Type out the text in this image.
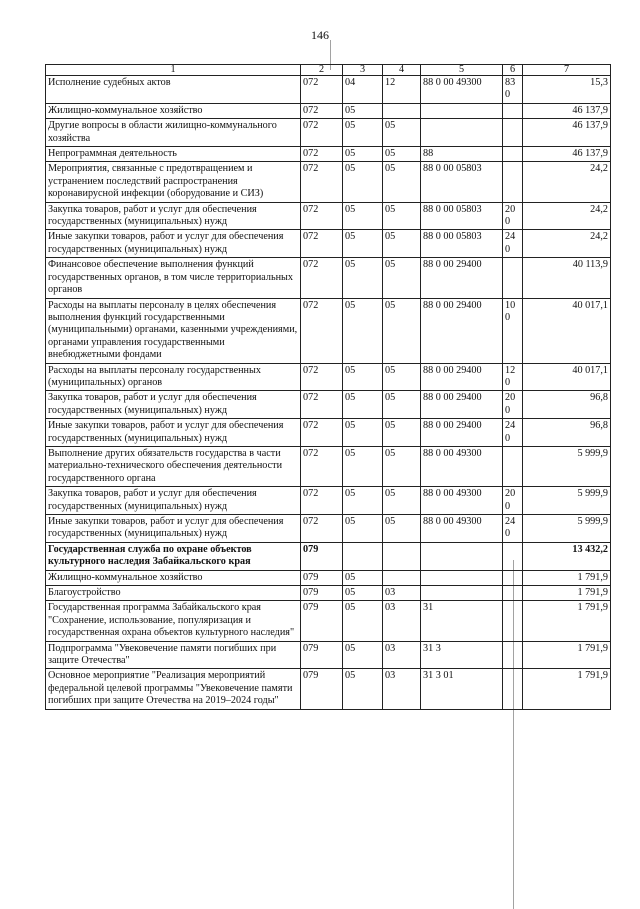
146
1	2	3	4	5	6	7
Исполнение судебных актов	072	04	12	88 0 00 49300	830	15,3
Жилищно-коммунальное хозяйство	072	05				46 137,9
Другие вопросы в области жилищно-коммунального хозяйства	072	05	05			46 137,9
Непрограммная деятельность	072	05	05	88		46 137,9
Мероприятия, связанные с предотвращением и устранением последствий распространения коронавирусной инфекции (оборудование и СИЗ)	072	05	05	88 0 00 05803		24,2
Закупка товаров, работ и услуг для обеспечения государственных (муниципальных) нужд	072	05	05	88 0 00 05803	200	24,2
Иные закупки товаров, работ и услуг для обеспечения государственных (муниципальных) нужд	072	05	05	88 0 00 05803	240	24,2
Финансовое обеспечение выполнения функций государственных органов, в том числе территориальных органов	072	05	05	88 0 00 29400		40 113,9
Расходы на выплаты персоналу в целях обеспечения выполнения функций государственными (муниципальными) органами, казенными учреждениями, органами управления государственными внебюджетными фондами	072	05	05	88 0 00 29400	100	40 017,1
Расходы на выплаты персоналу государственных (муниципальных) органов	072	05	05	88 0 00 29400	120	40 017,1
Закупка товаров, работ и услуг для обеспечения государственных (муниципальных) нужд	072	05	05	88 0 00 29400	200	96,8
Иные закупки товаров, работ и услуг для обеспечения государственных (муниципальных) нужд	072	05	05	88 0 00 29400	240	96,8
Выполнение других обязательств государства в части материально-технического обеспечения деятельности государственного органа	072	05	05	88 0 00 49300		5 999,9
Закупка товаров, работ и услуг для обеспечения государственных (муниципальных) нужд	072	05	05	88 0 00 49300	200	5 999,9
Иные закупки товаров, работ и услуг для обеспечения государственных (муниципальных) нужд	072	05	05	88 0 00 49300	240	5 999,9
Государственная служба по охране объектов культурного наследия Забайкальского края	079					13 432,2
Жилищно-коммунальное хозяйство	079	05				1 791,9
Благоустройство	079	05	03			1 791,9
Государственная программа Забайкальского края "Сохранение, использование, популяризация и государственная охрана объектов культурного наследия"	079	05	03	31		1 791,9
Подпрограмма "Увековечение памяти погибших при защите Отечества"	079	05	03	31 3		1 791,9
Основное мероприятие "Реализация мероприятий федеральной целевой программы "Увековечение памяти погибших при защите Отечества на 2019–2024 годы"	079	05	03	31 3 01		1 791,9
